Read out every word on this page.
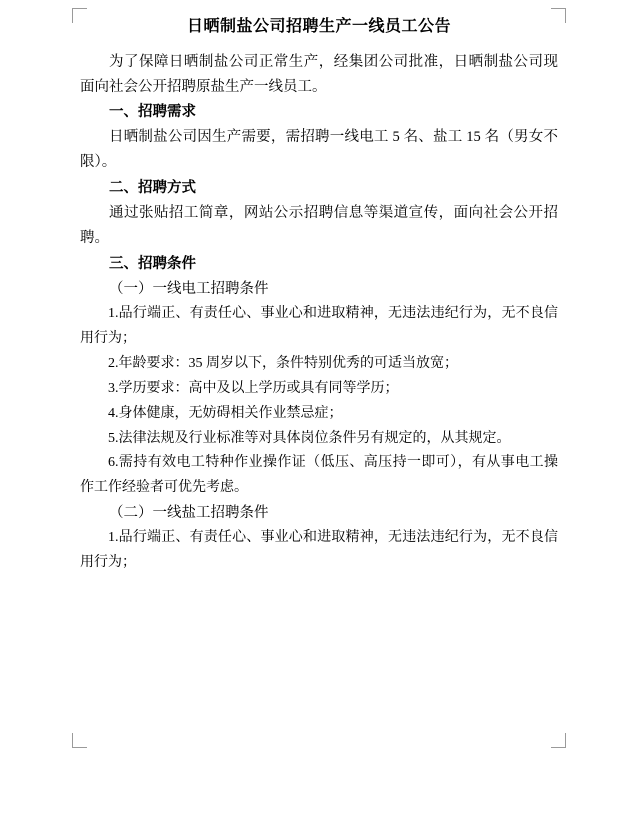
日晒制盐公司招聘生产一线员工公告

为了保障日晒制盐公司正常生产，经集团公司批准，日晒制盐公司现面向社会公开招聘原盐生产一线员工。

一、招聘需求

日晒制盐公司因生产需要，需招聘一线电工 5 名、盐工 15 名（男女不限）。

二、招聘方式

通过张贴招工简章，网站公示招聘信息等渠道宣传，面向社会公开招聘。

三、招聘条件

（一）一线电工招聘条件

1.品行端正、有责任心、事业心和进取精神，无违法违纪行为，无不良信用行为；

2.年龄要求：35 周岁以下，条件特别优秀的可适当放宽；

3.学历要求：高中及以上学历或具有同等学历；

4.身体健康，无妨碍相关作业禁忌症；

5.法律法规及行业标准等对具体岗位条件另有规定的，从其规定。

6.需持有效电工特种作业操作证（低压、高压持一即可），有从事电工操作工作经验者可优先考虑。

（二）一线盐工招聘条件

1.品行端正、有责任心、事业心和进取精神，无违法违纪行为，无不良信用行为；
